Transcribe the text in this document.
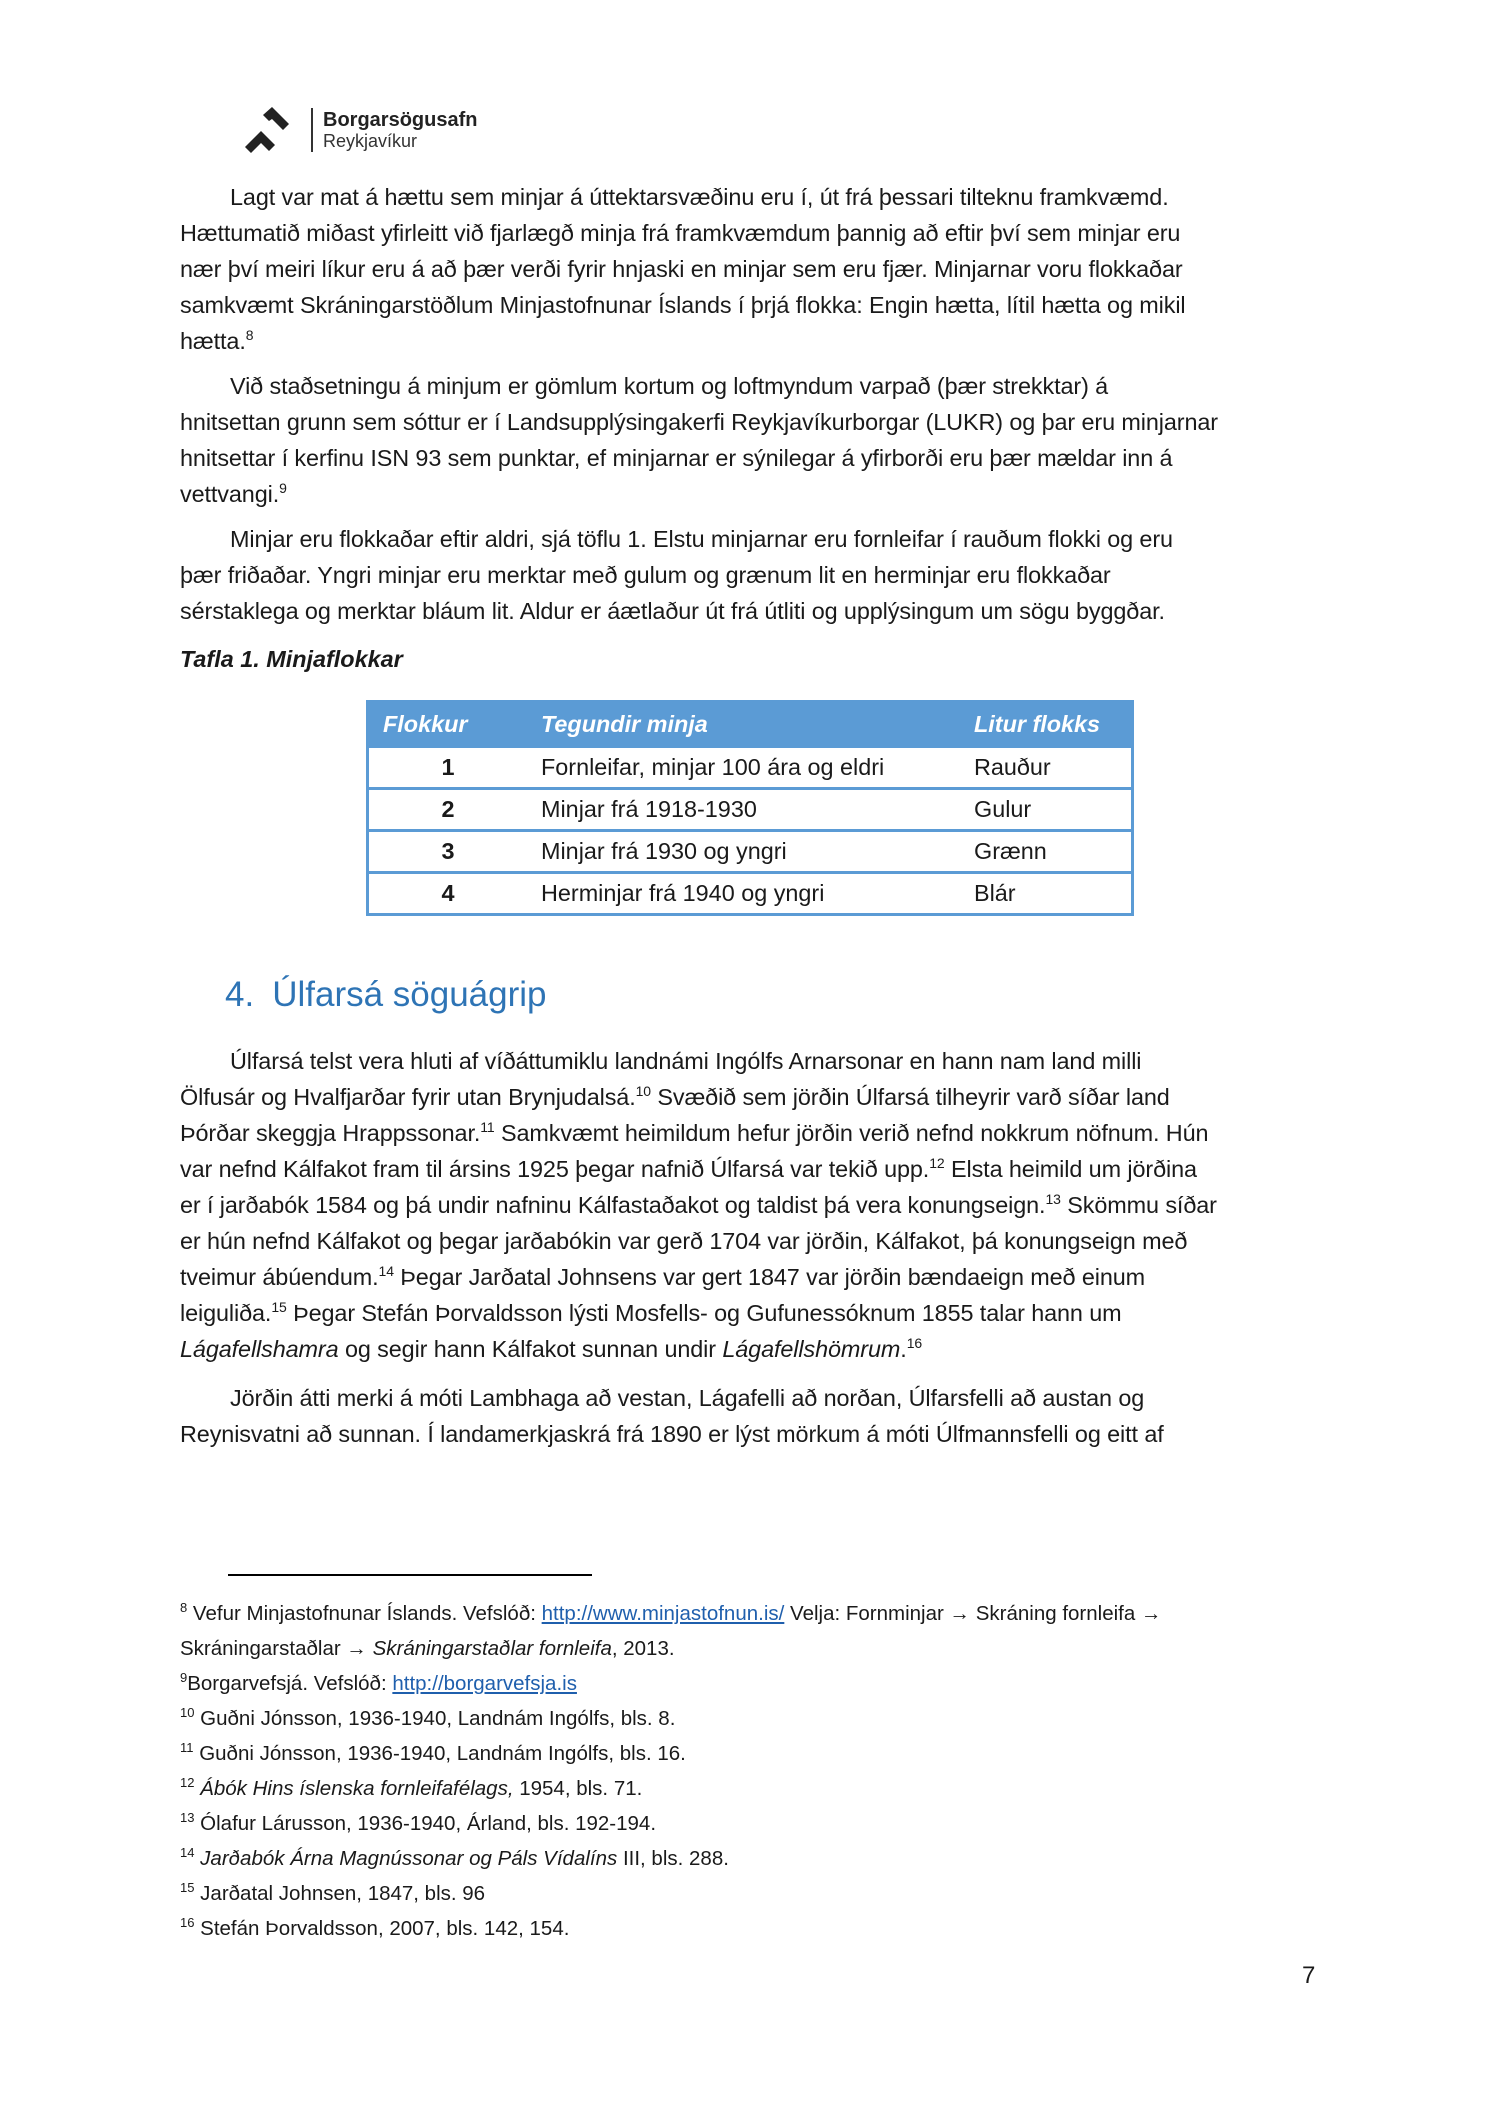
Borgarsögusafn
Reykjavíkur
Lagt var mat á hættu sem minjar á úttektarsvæðinu eru í, út frá þessari tilteknu framkvæmd.
Hættumatið miðast yfirleitt við fjarlægð minja frá framkvæmdum þannig að eftir því sem minjar eru
nær því meiri líkur eru á að þær verði fyrir hnjaski en minjar sem eru fjær. Minjarnar voru flokkaðar
samkvæmt Skráningarstöðlum Minjastofnunar Íslands í þrjá flokka: Engin hætta, lítil hætta og mikil
hætta.$^8$
Við staðsetningu á minjum er gömlum kortum og loftmyndum varpað (þær strekktar) á
hnitsettan grunn sem sóttur er í Landsupplýsingakerfi Reykjavíkurborgar (LUKR) og þar eru minjarnar
hnitsettar í kerfinu ISN 93 sem punktar, ef minjarnar er sýnilegar á yfirborði eru þær mældar inn á
vettvangi.$^9$
Minjar eru flokkaðar eftir aldri, sjá töflu 1. Elstu minjarnar eru fornleifar í rauðum flokki og eru
þær friðaðar. Yngri minjar eru merktar með gulum og grænum lit en herminjar eru flokkaðar
sérstaklega og merktar bláum lit. Aldur er áætlaður út frá útliti og upplýsingum um sögu byggðar.
Tafla 1. Minjaflokkar
Flokkur	Tegundir minja	Litur flokks
1	Fornleifar, minjar 100 ára og eldri	Rauður
2	Minjar frá 1918-1930	Gulur
3	Minjar frá 1930 og yngri	Grænn
4	Herminjar frá 1940 og yngri	Blár
4. Úlfarsá söguágrip
Úlfarsá telst vera hluti af víðáttumiklu landnámi Ingólfs Arnarsonar en hann nam land milli
Ölfusár og Hvalfjarðar fyrir utan Brynjudalsá.$^{10}$ Svæðið sem jörðin Úlfarsá tilheyrir varð síðar land
Þórðar skeggja Hrappssonar.$^{11}$ Samkvæmt heimildum hefur jörðin verið nefnd nokkrum nöfnum. Hún
var nefnd Kálfakot fram til ársins 1925 þegar nafnið Úlfarsá var tekið upp.$^{12}$ Elsta heimild um jörðina
er í jarðabók 1584 og þá undir nafninu Kálfastaðakot og taldist þá vera konungseign.$^{13}$ Skömmu síðar
er hún nefnd Kálfakot og þegar jarðabókin var gerð 1704 var jörðin, Kálfakot, þá konungseign með
tveimur ábúendum.$^{14}$ Þegar Jarðatal Johnsens var gert 1847 var jörðin bændaeign með einum
leiguliða.$^{15}$ Þegar Stefán Þorvaldsson lýsti Mosfells- og Gufunessóknum 1855 talar hann um
Lágafellshamra og segir hann Kálfakot sunnan undir Lágafellshömrum.$^{16}$
Jörðin átti merki á móti Lambhaga að vestan, Lágafelli að norðan, Úlfarsfelli að austan og
Reynisvatni að sunnan. Í landamerkjaskrá frá 1890 er lýst mörkum á móti Úlfmannsfelli og eitt af
$^8$ Vefur Minjastofnunar Íslands. Vefslóð: http://www.minjastofnun.is/ Velja: Fornminjar → Skráning fornleifa →
Skráningarstaðlar → Skráningarstaðlar fornleifa, 2013.
$^9$Borgarvefsjá. Vefslóð: http://borgarvefsja.is
$^{10}$ Guðni Jónsson, 1936-1940, Landnám Ingólfs, bls. 8.
$^{11}$ Guðni Jónsson, 1936-1940, Landnám Ingólfs, bls. 16.
$^{12}$ Ábók Hins íslenska fornleifafélags, 1954, bls. 71.
$^{13}$ Ólafur Lárusson, 1936-1940, Árland, bls. 192-194.
$^{14}$ Jarðabók Árna Magnússonar og Páls Vídalíns III, bls. 288.
$^{15}$ Jarðatal Johnsen, 1847, bls. 96
$^{16}$ Stefán Þorvaldsson, 2007, bls. 142, 154.
7
